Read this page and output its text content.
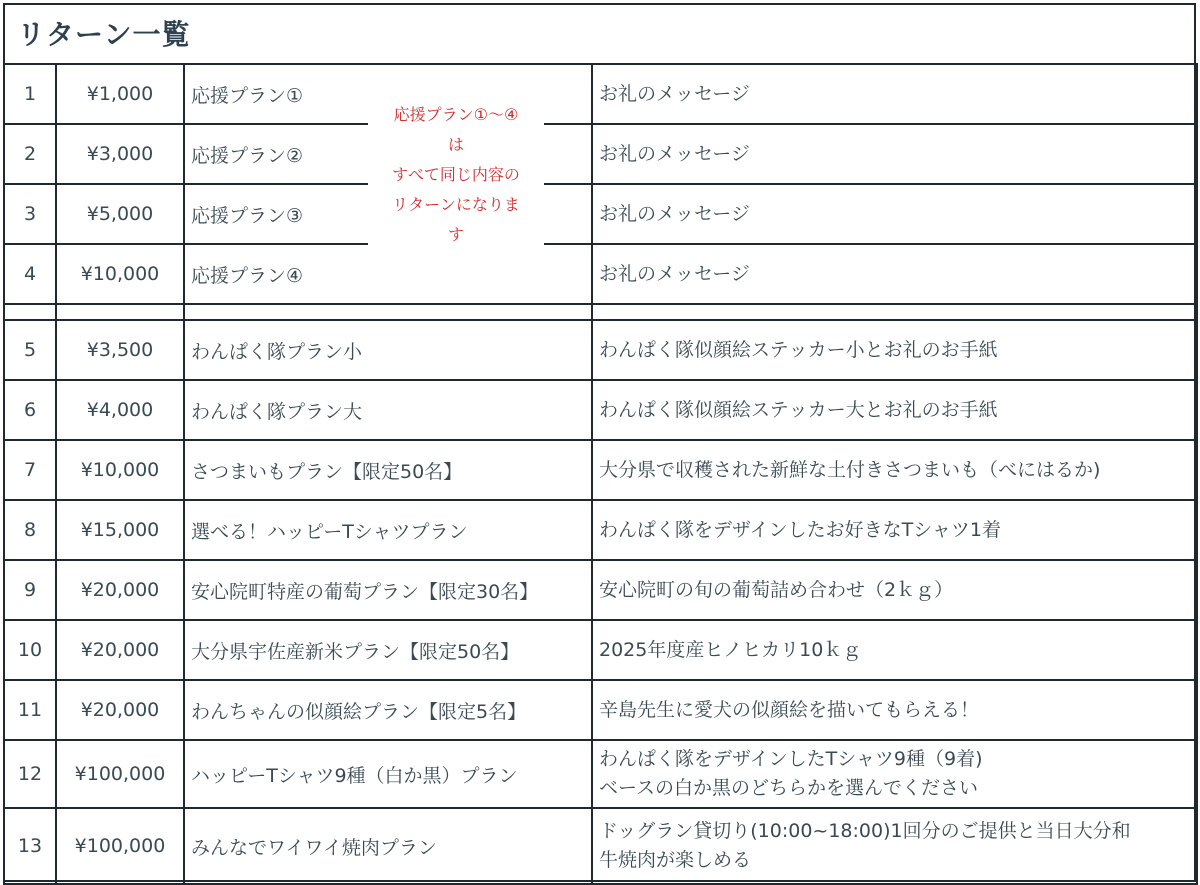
リターン一覧
1	¥1,000	応援プラン①	お礼のメッセージ
2	¥3,000	応援プラン②	お礼のメッセージ
3	¥5,000	応援プラン③	お礼のメッセージ
4	¥10,000	応援プラン④	お礼のメッセージ

5	¥3,500	わんぱく隊プラン小	わんぱく隊似顔絵ステッカー小とお礼のお手紙
6	¥4,000	わんぱく隊プラン大	わんぱく隊似顔絵ステッカー大とお礼のお手紙
7	¥10,000	さつまいもプラン【限定50名】	大分県で収穫された新鮮な土付きさつまいも（べにはるか)
8	¥15,000	選べる！ハッピーTシャツプラン	わんぱく隊をデザインしたお好きなTシャツ1着
9	¥20,000	安心院町特産の葡萄プラン【限定30名】	安心院町の旬の葡萄詰め合わせ（2ｋｇ）
10	¥20,000	大分県宇佐産新米プラン【限定50名】	2025年度産ヒノヒカリ10ｋｇ
11	¥20,000	わんちゃんの似顔絵プラン【限定5名】	辛島先生に愛犬の似顔絵を描いてもらえる！
12	¥100,000	ハッピーTシャツ9種（白か黒）プラン	わんぱく隊をデザインしたTシャツ9種（9着)
ベースの白か黒のどちらかを選んでください

13	¥100,000	みんなでワイワイ焼肉プラン	ドッグラン貸切り(10:00~18:00)1回分のご提供と当日大分和
牛焼肉が楽しめる
応援プラン①〜④
は
すべて同じ内容の
リターンになりま
す
